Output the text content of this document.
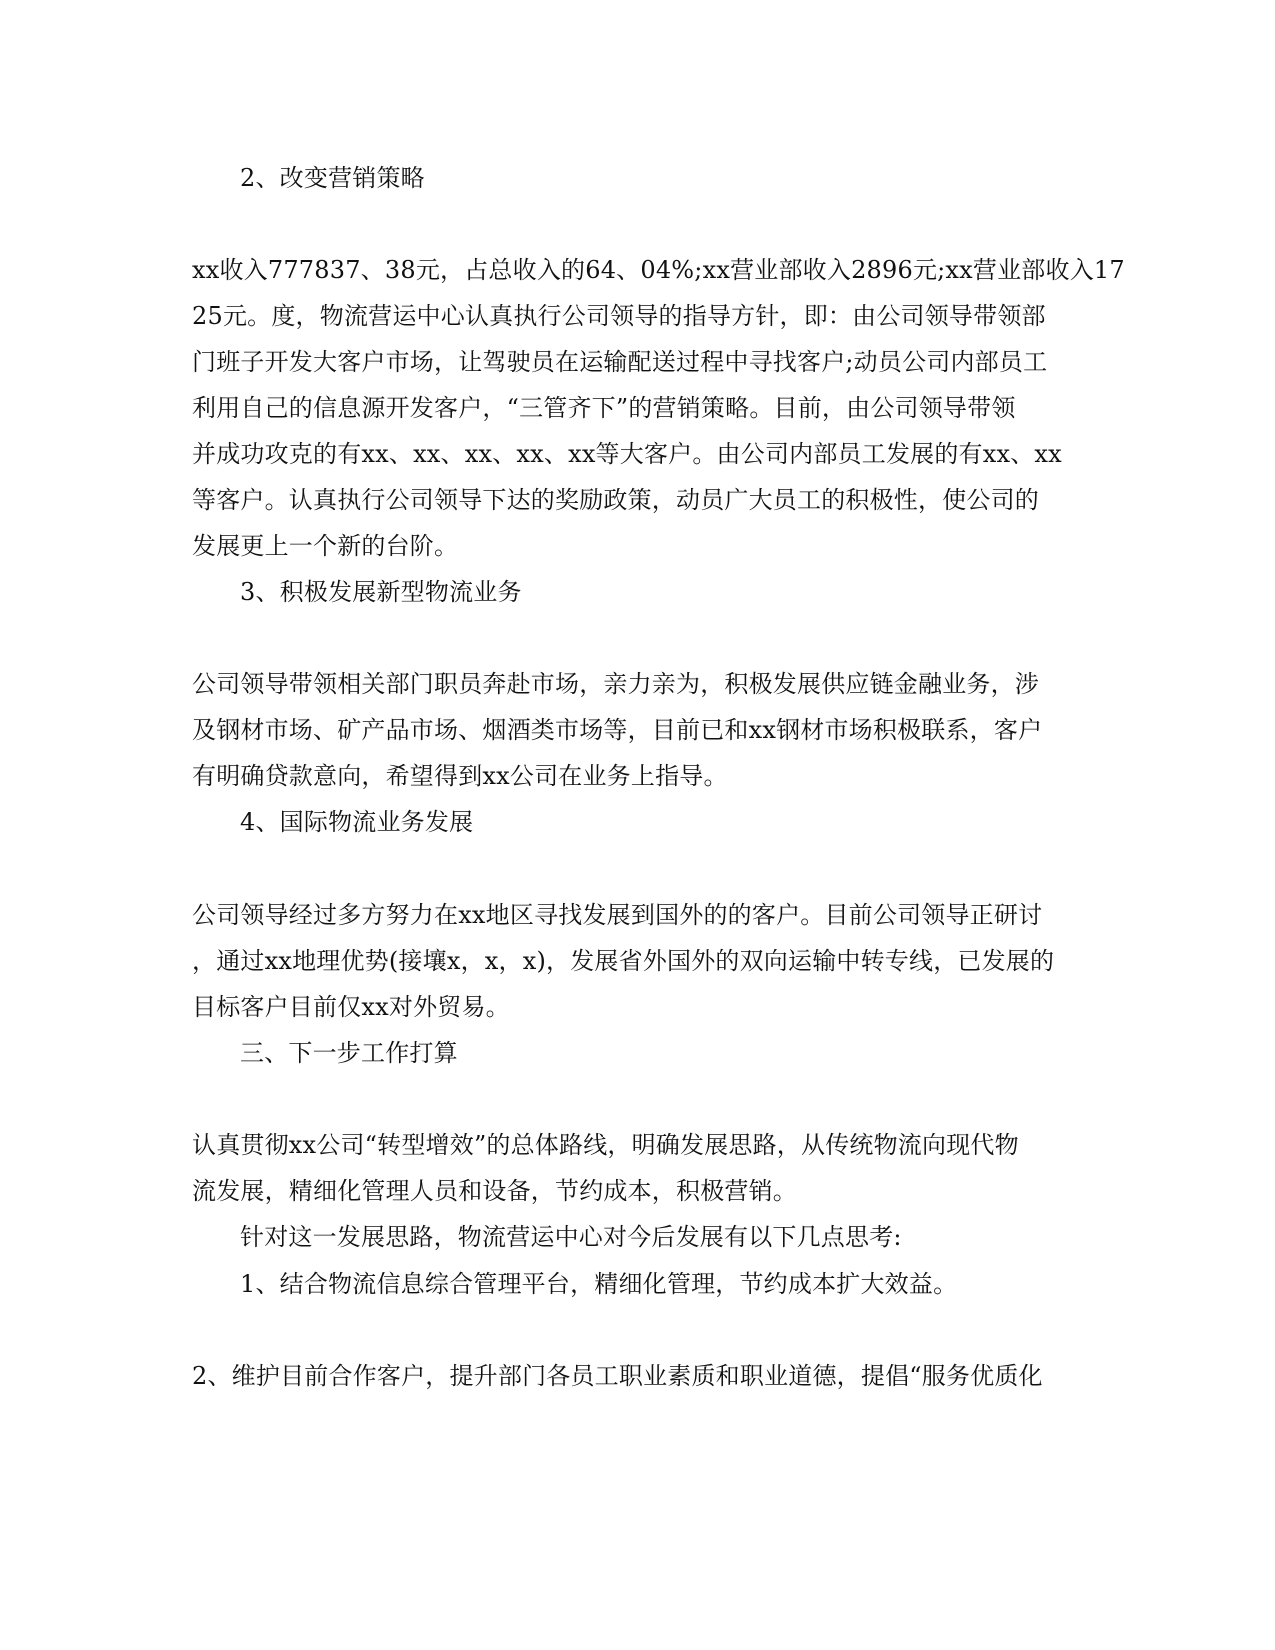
2、改变营销策略
xx收入777837、38元，占总收入的64、04%;xx营业部收入2896元;xx营业部收入17
25元。度，物流营运中心认真执行公司领导的指导方针，即：由公司领导带领部
门班子开发大客户市场，让驾驶员在运输配送过程中寻找客户;动员公司内部员工
利用自己的信息源开发客户，“三管齐下”的营销策略。目前，由公司领导带领
并成功攻克的有xx、xx、xx、xx、xx等大客户。由公司内部员工发展的有xx、xx
等客户。认真执行公司领导下达的奖励政策，动员广大员工的积极性，使公司的
发展更上一个新的台阶。
3、积极发展新型物流业务
公司领导带领相关部门职员奔赴市场，亲力亲为，积极发展供应链金融业务，涉
及钢材市场、矿产品市场、烟酒类市场等，目前已和xx钢材市场积极联系，客户
有明确贷款意向，希望得到xx公司在业务上指导。
4、国际物流业务发展
公司领导经过多方努力在xx地区寻找发展到国外的的客户。目前公司领导正研讨
，通过xx地理优势(接壤x，x，x)，发展省外国外的双向运输中转专线，已发展的
目标客户目前仅xx对外贸易。
三、下一步工作打算
认真贯彻xx公司“转型增效”的总体路线，明确发展思路，从传统物流向现代物
流发展，精细化管理人员和设备，节约成本，积极营销。
针对这一发展思路，物流营运中心对今后发展有以下几点思考:
1、结合物流信息综合管理平台，精细化管理，节约成本扩大效益。
2、维护目前合作客户，提升部门各员工职业素质和职业道德，提倡“服务优质化
